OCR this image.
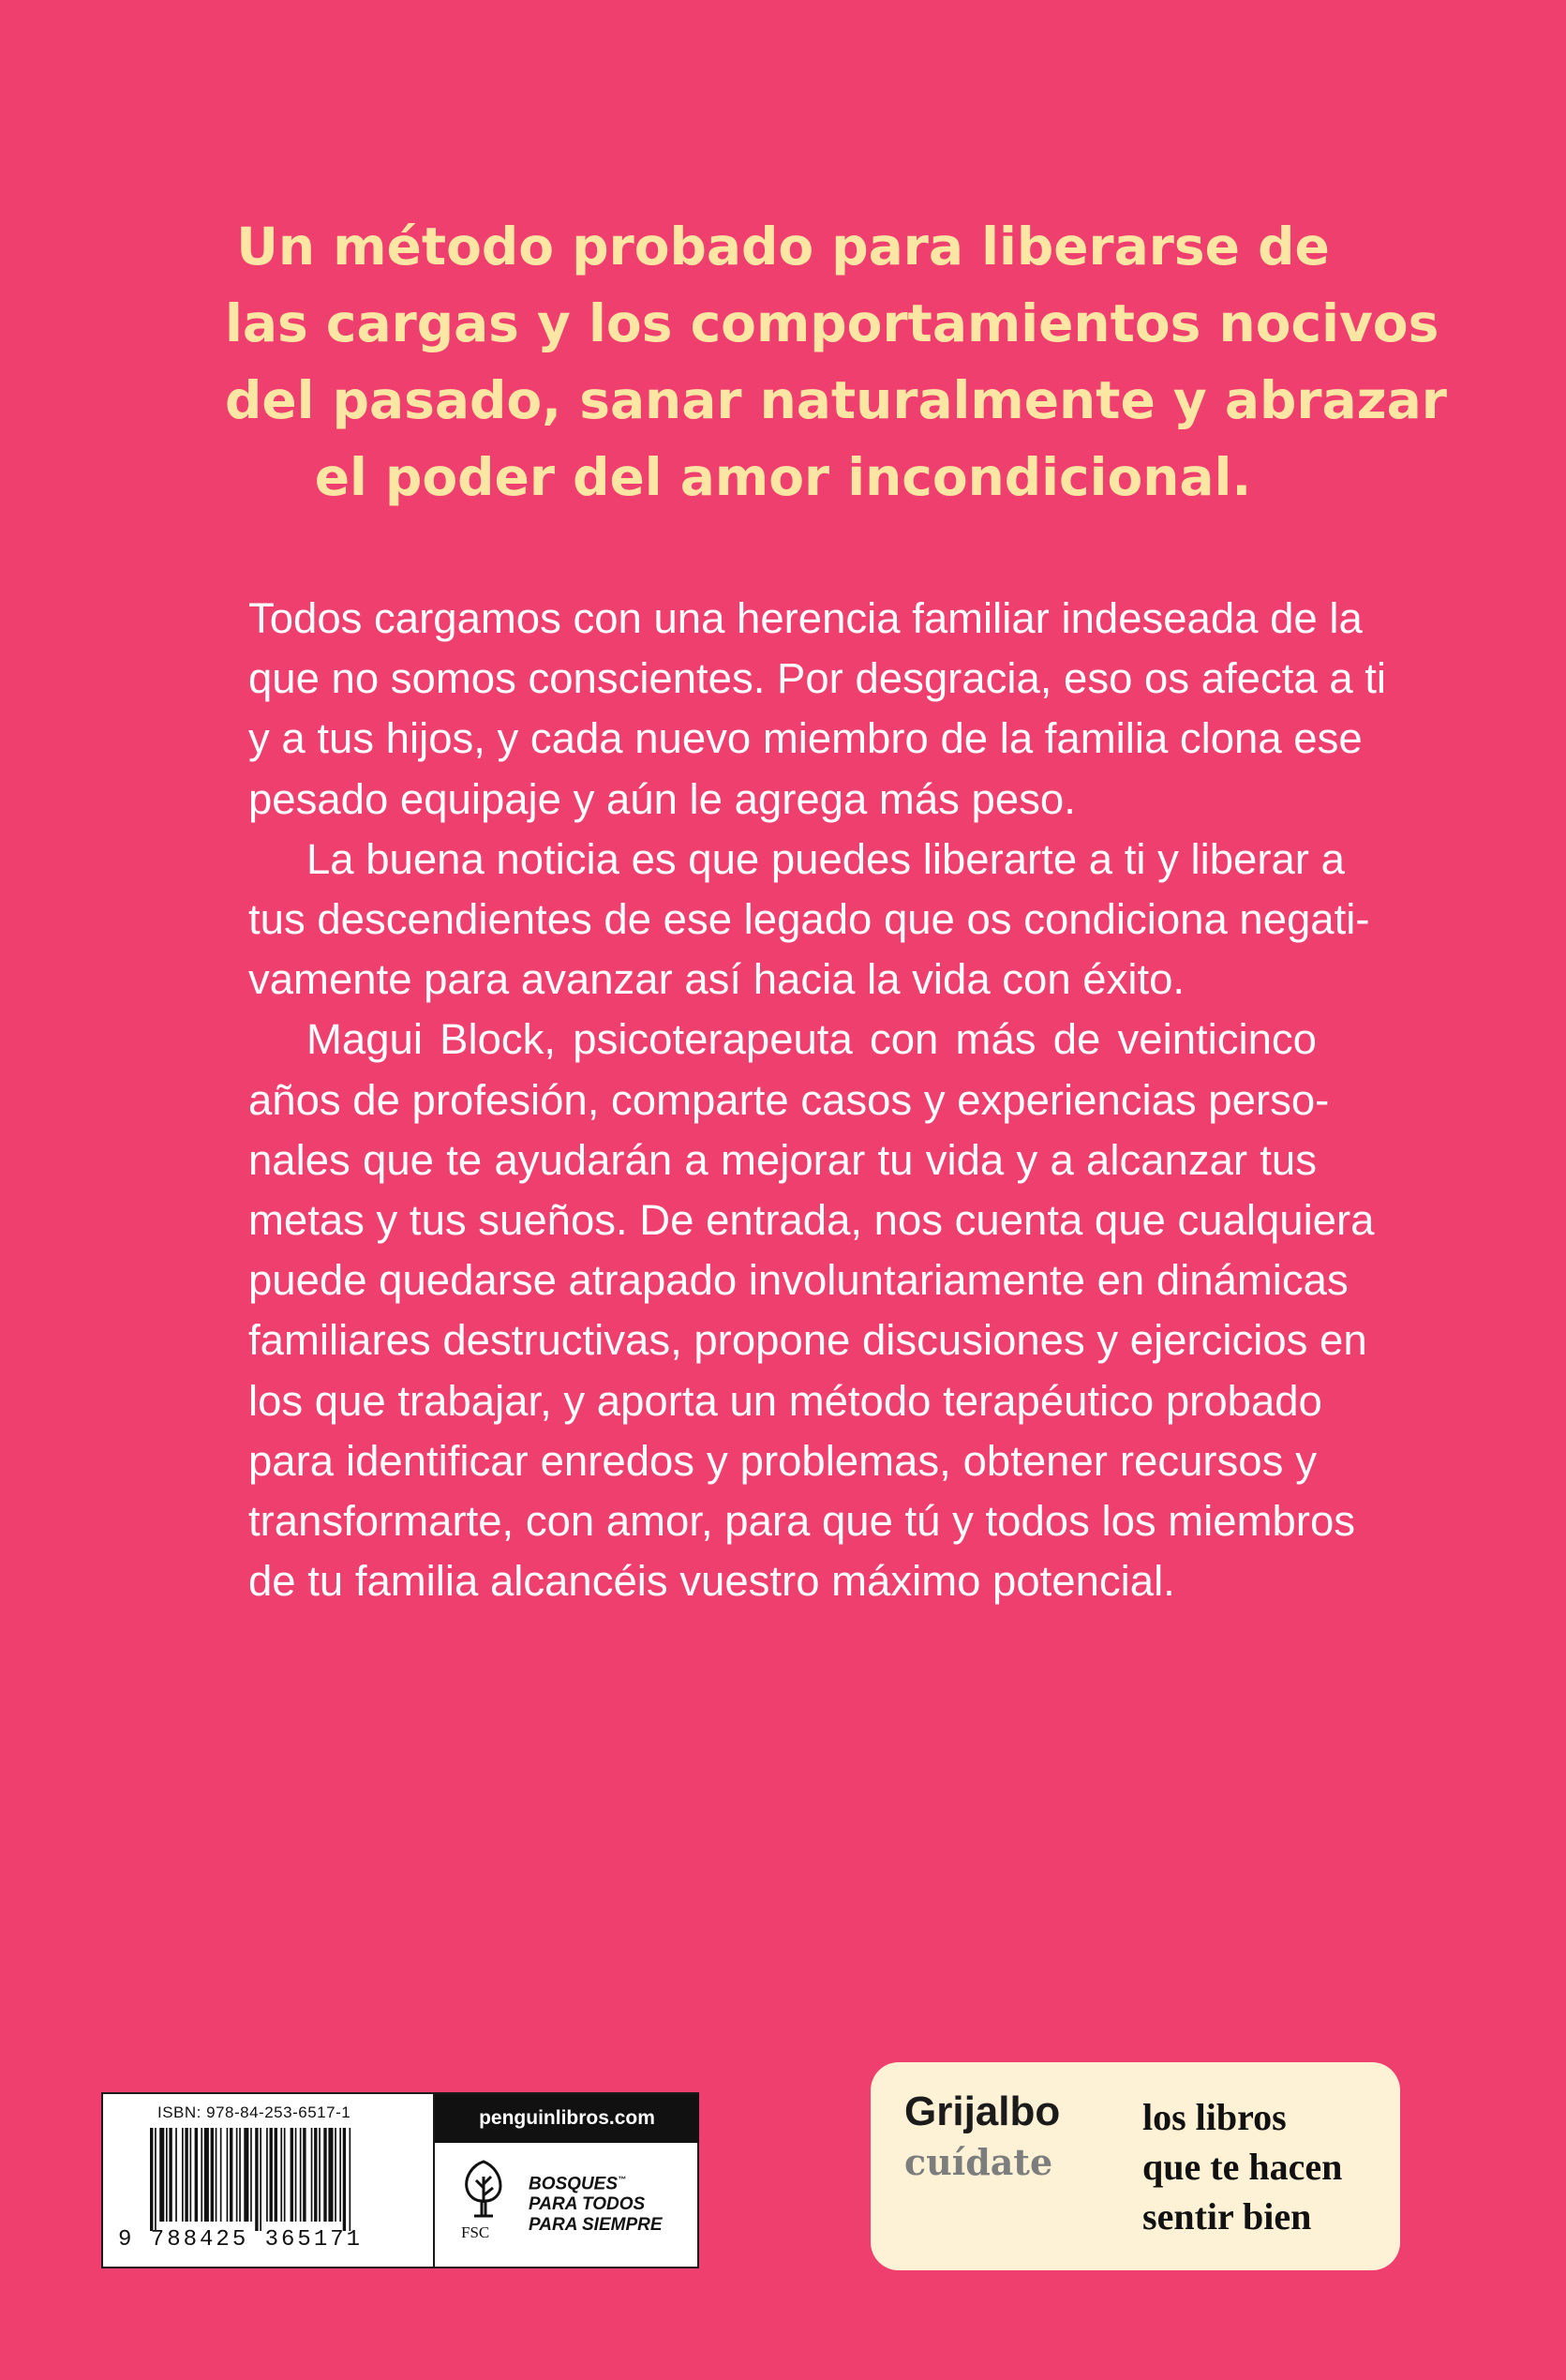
Un método probado para liberarse de
las cargas y los comportamientos nocivos
del pasado, sanar naturalmente y abrazar
el poder del amor incondicional.
Todos cargamos con una herencia familiar indeseada de la
que no somos conscientes. Por desgracia, eso os afecta a ti
y a tus hijos, y cada nuevo miembro de la familia clona ese
pesado equipaje y aún le agrega más peso.
La buena noticia es que puedes liberarte a ti y liberar a
tus descendientes de ese legado que os condiciona negati-
vamente para avanzar así hacia la vida con éxito.
Magui Block, psicoterapeuta con más de veinticinco
años de profesión, comparte casos y experiencias perso-
nales que te ayudarán a mejorar tu vida y a alcanzar tus
metas y tus sueños. De entrada, nos cuenta que cualquiera
puede quedarse atrapado involuntariamente en dinámicas
familiares destructivas, propone discusiones y ejercicios en
los que trabajar, y aporta un método terapéutico probado
para identificar enredos y problemas, obtener recursos y
transformarte, con amor, para que tú y todos los miembros
de tu familia alcancéis vuestro máximo potencial.
ISBN: 978-84-253-6517-1
9 788425 365171
penguinlibros.com
FSC
BOSQUES™
PARA TODOS
PARA SIEMPRE
Grijalbo
cuídate
los libros
que te hacen
sentir bien
